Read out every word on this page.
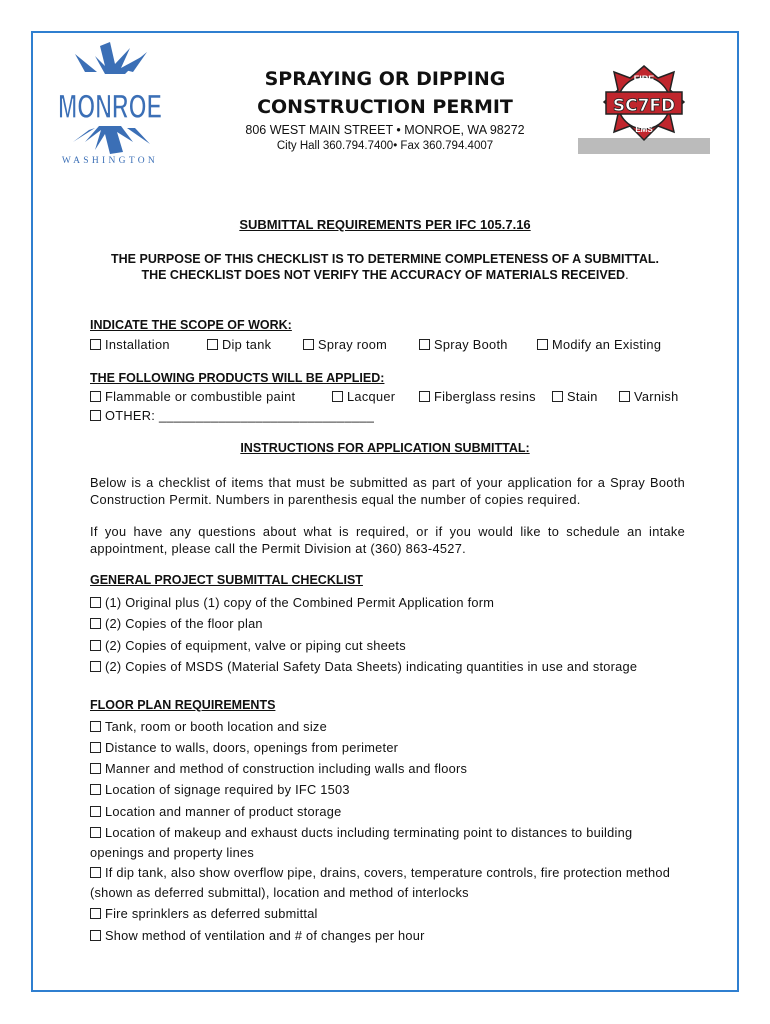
MONROE
WASHINGTON
FIRE
SC7FD
EMS
SPRAYING OR DIPPING
CONSTRUCTION PERMIT
806 WEST MAIN STREET • MONROE, WA 98272
City Hall 360.794.7400• Fax 360.794.4007
SUBMITTAL REQUIREMENTS PER IFC 105.7.16
THE PURPOSE OF THIS CHECKLIST IS TO DETERMINE COMPLETENESS OF A SUBMITTAL.
THE CHECKLIST DOES NOT VERIFY THE ACCURACY OF MATERIALS RECEIVED.
INDICATE THE SCOPE OF WORK:
Installation	Dip tank	Spray room	Spray Booth	Modify an Existing
THE FOLLOWING PRODUCTS WILL BE APPLIED:
Flammable or combustible paint	Lacquer	Fiberglass resins	Stain	Varnish
OTHER: _____________________________
INSTRUCTIONS FOR APPLICATION SUBMITTAL:
Below is a checklist of items that must be submitted as part of your application for a Spray Booth Construction Permit. Numbers in parenthesis equal the number of copies required.
If you have any questions about what is required, or if you would like to schedule an intake appointment, please call the Permit Division at (360) 863-4527.
GENERAL PROJECT SUBMITTAL CHECKLIST
(1) Original plus (1) copy of the Combined Permit Application form
(2) Copies of the floor plan
(2) Copies of equipment, valve or piping cut sheets
(2) Copies of MSDS (Material Safety Data Sheets) indicating quantities in use and storage
FLOOR PLAN REQUIREMENTS
Tank, room or booth location and size
Distance to walls, doors, openings from perimeter
Manner and method of construction including walls and floors
Location of signage required by IFC 1503
Location and manner of product storage
Location of makeup and exhaust ducts including terminating point to distances to building openings and property lines
If dip tank, also show overflow pipe, drains, covers, temperature controls, fire protection method (shown as deferred submittal), location and method of interlocks
Fire sprinklers as deferred submittal
Show method of ventilation and # of changes per hour
